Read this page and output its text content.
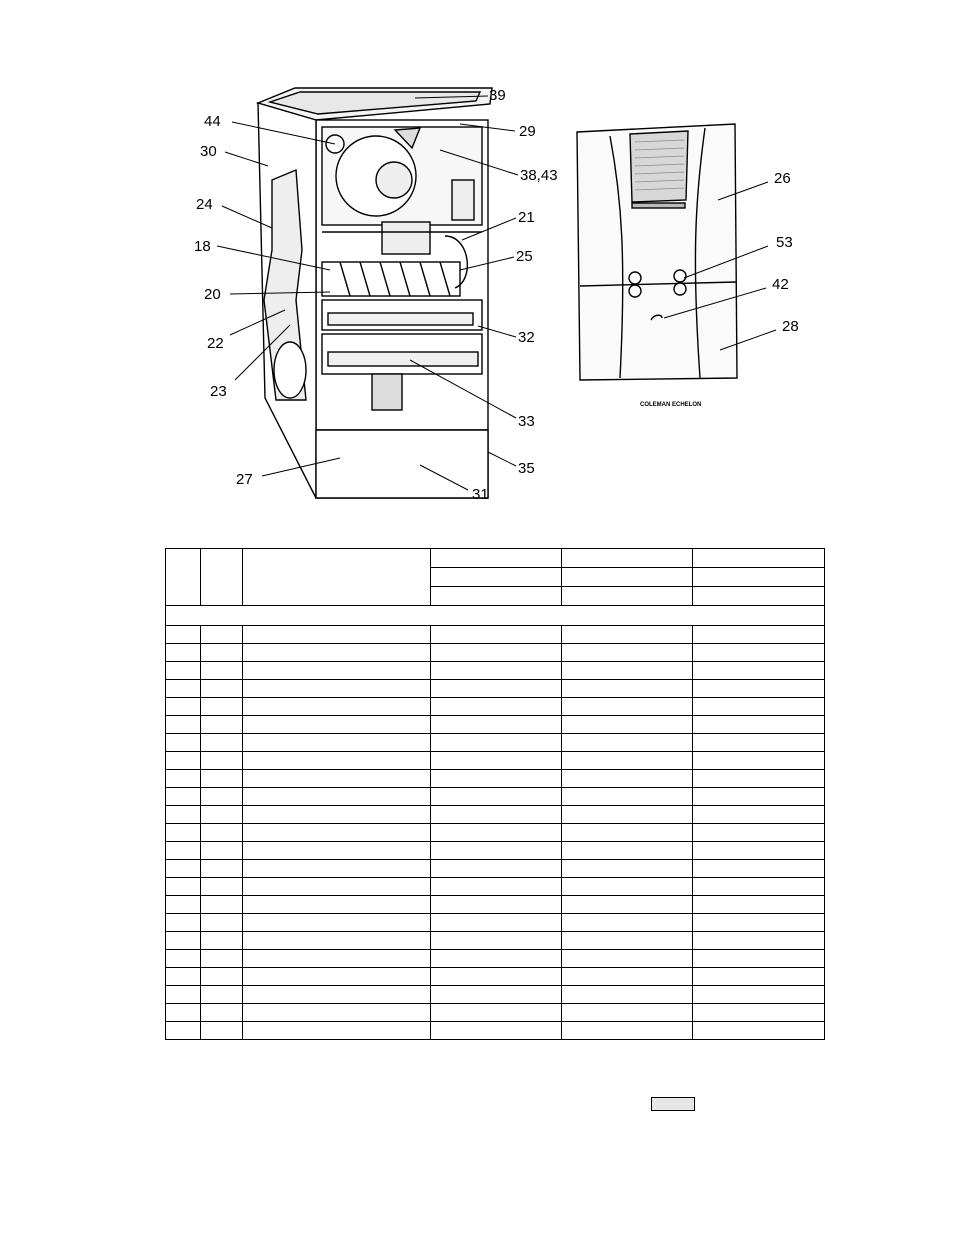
39
44
29
30
38,43
24
21
18
25
20
32
22
23
33
35
27
31
26
53
42
28
COLEMAN ECHELON
